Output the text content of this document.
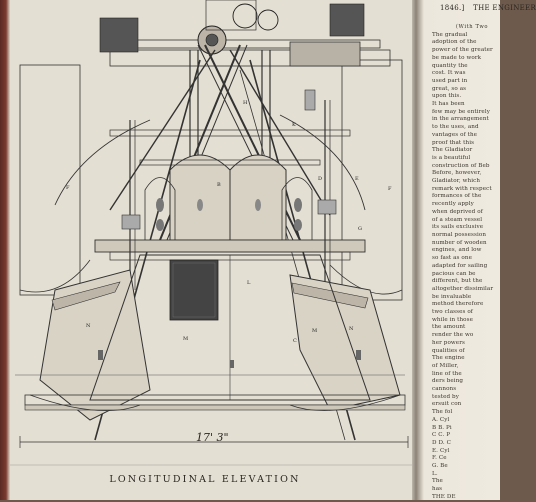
H
K
B
D	E
F	F
G
L
N	N
M
M
C
17' 3"
LONGITUDINAL ELEVATION
1846.] THE ENGINEER
(With Two
The gradual
adoption of the
power of the greater
be made to work
quantity the
cost. It was
used part in
great, so as
upon this.
It has been
few may be entirely
in the arrangement
to the uses, and
vantages of the
proof that this
The Gladiator
is a beautiful
construction of Beb
Before, however,
Gladiator, which
remark with respect
formances of the
recently apply
when deprived of
of a steam vessel
its sails exclusive
normal possession
number of wooden
engines, and low
so fast as one
adapted for sailing
pacious can be
different, but the
altogether dissimilar
be invaluable
method therefore
two classes of
while in those
the amount
render the wo
her powers
qualities of
The engine
of Miller,
line of the
ders being
cannons
tested by
ersuit con
The fol
A. Cyl
B B. Pi
C C. P
D D. C
E. Cyl
F. Ce
G. Be
L.
The
has
THE DE
